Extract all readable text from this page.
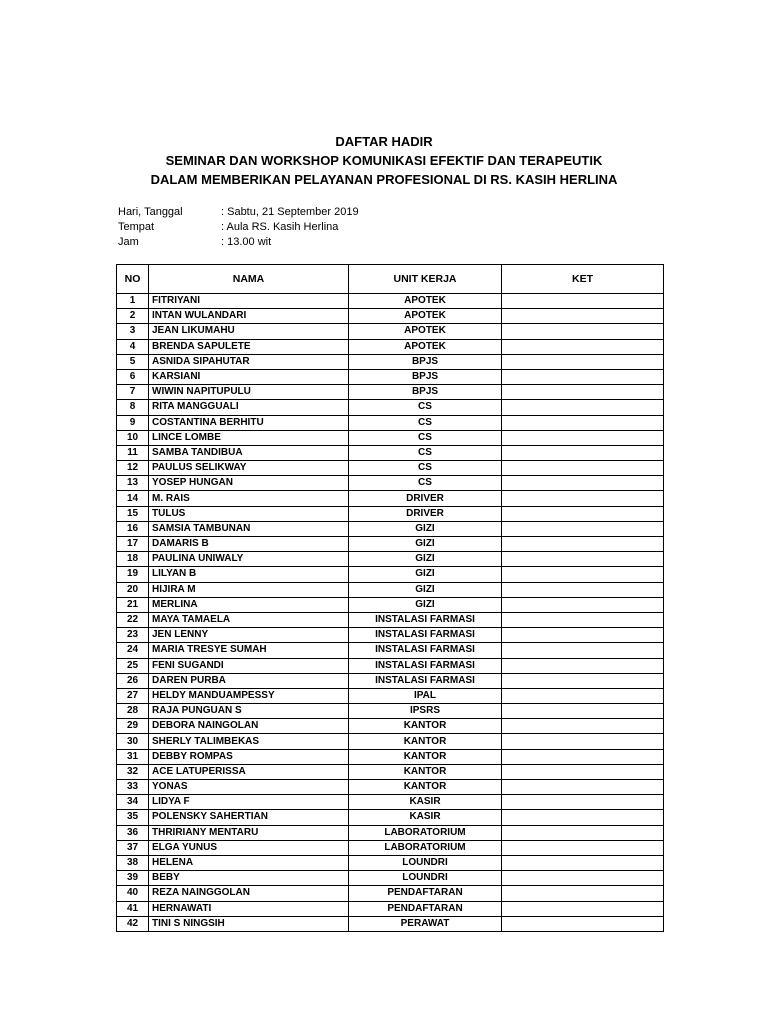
DAFTAR HADIR
SEMINAR DAN WORKSHOP KOMUNIKASI EFEKTIF DAN TERAPEUTIK
DALAM MEMBERIKAN PELAYANAN PROFESIONAL DI RS. KASIH HERLINA
Hari, Tanggal	: Sabtu, 21 September 2019
Tempat	: Aula RS. Kasih Herlina
Jam	: 13.00 wit
NO	NAMA	UNIT KERJA	KET
1	FITRIYANI	APOTEK	
2	INTAN WULANDARI	APOTEK	
3	JEAN LIKUMAHU	APOTEK	
4	BRENDA SAPULETE	APOTEK	
5	ASNIDA SIPAHUTAR	BPJS	
6	KARSIANI	BPJS	
7	WIWIN NAPITUPULU	BPJS	
8	RITA MANGGUALI	CS	
9	COSTANTINA BERHITU	CS	
10	LINCE LOMBE	CS	
11	SAMBA TANDIBUA	CS	
12	PAULUS SELIKWAY	CS	
13	YOSEP HUNGAN	CS	
14	M. RAIS	DRIVER	
15	TULUS	DRIVER	
16	SAMSIA TAMBUNAN	GIZI	
17	DAMARIS B	GIZI	
18	PAULINA UNIWALY	GIZI	
19	LILYAN B	GIZI	
20	HIJIRA M	GIZI	
21	MERLINA	GIZI	
22	MAYA TAMAELA	INSTALASI FARMASI	
23	JEN LENNY	INSTALASI FARMASI	
24	MARIA TRESYE SUMAH	INSTALASI FARMASI	
25	FENI SUGANDI	INSTALASI FARMASI	
26	DAREN PURBA	INSTALASI FARMASI	
27	HELDY MANDUAMPESSY	IPAL	
28	RAJA PUNGUAN S	IPSRS	
29	DEBORA NAINGOLAN	KANTOR	
30	SHERLY TALIMBEKAS	KANTOR	
31	DEBBY ROMPAS	KANTOR	
32	ACE LATUPERISSA	KANTOR	
33	YONAS	KANTOR	
34	LIDYA F	KASIR	
35	POLENSKY SAHERTIAN	KASIR	
36	THRIRIANY MENTARU	LABORATORIUM	
37	ELGA YUNUS	LABORATORIUM	
38	HELENA	LOUNDRI	
39	BEBY	LOUNDRI	
40	REZA NAINGGOLAN	PENDAFTARAN	
41	HERNAWATI	PENDAFTARAN	
42	TINI S NINGSIH	PERAWAT	
